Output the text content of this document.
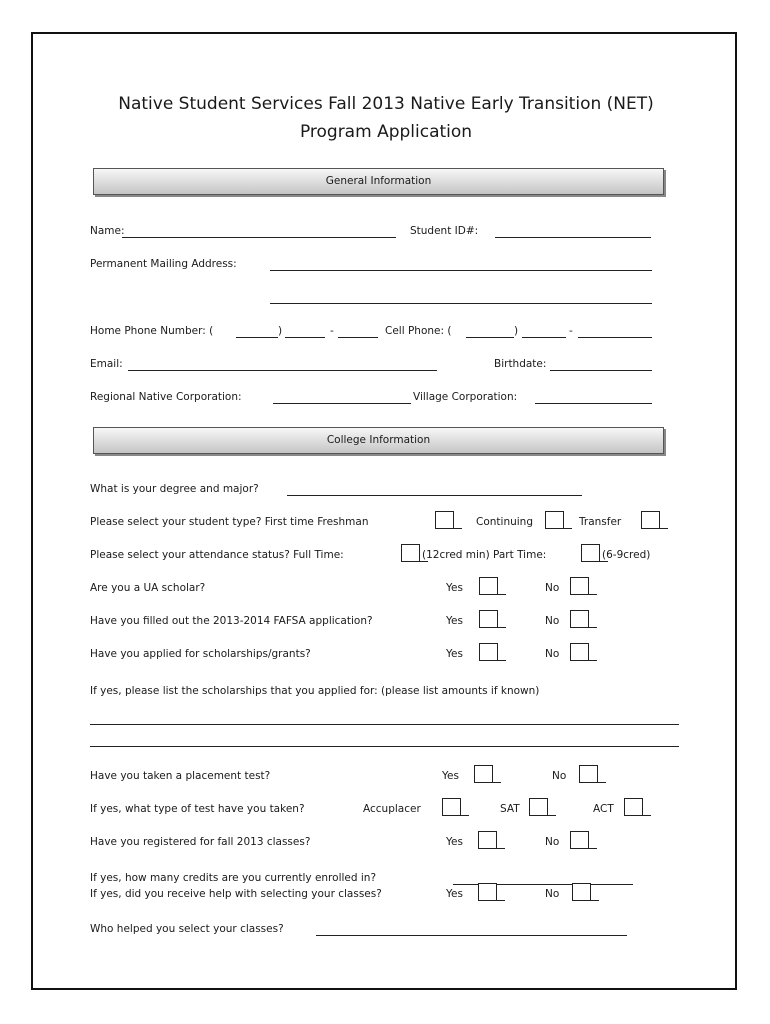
Native Student Services Fall 2013 Native Early Transition (NET)
Program Application
General Information
Name:	Student ID#:
Permanent Mailing Address:
Home Phone Number: (	)	-	Cell Phone: (	)	-
Email:	Birthdate:
Regional Native Corporation:	Village Corporation:
College Information
What is your degree and major?
Please select your student type? First time Freshman	Continuing	Transfer
Please select your attendance status? Full Time:	(12cred min) Part Time:	(6-9cred)
Are you a UA scholar?	Yes	No
Have you filled out the 2013-2014 FAFSA application?	Yes	No
Have you applied for scholarships/grants?	Yes	No
If yes, please list the scholarships that you applied for: (please list amounts if known)
Have you taken a placement test?	Yes	No
If yes, what type of test have you taken?	Accuplacer	SAT	ACT
Have you registered for fall 2013 classes?	Yes	No
If yes, how many credits are you currently enrolled in?
If yes, did you receive help with selecting your classes?	Yes	No
Who helped you select your classes?
